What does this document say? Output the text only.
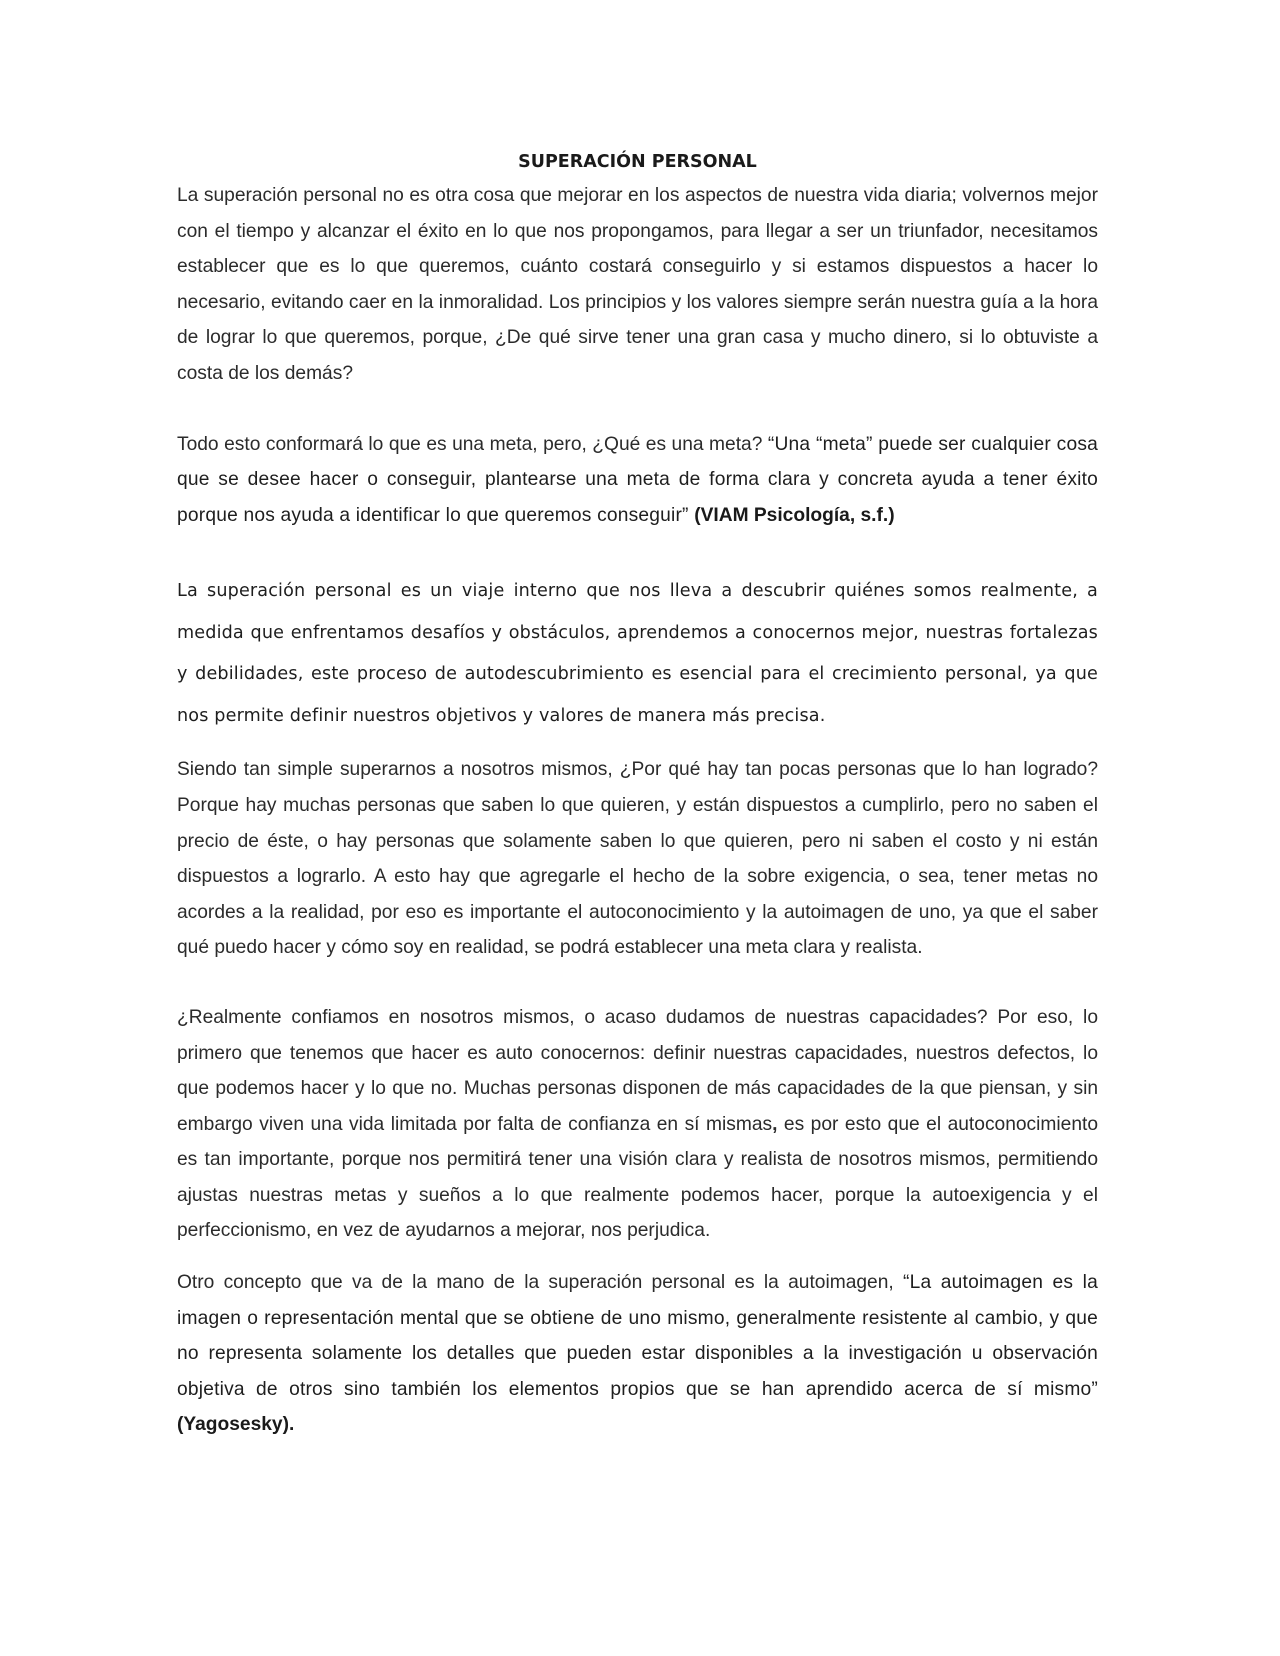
SUPERACIÓN PERSONAL

La superación personal no es otra cosa que mejorar en los aspectos de nuestra vida diaria; volvernos mejor con el tiempo y alcanzar el éxito en lo que nos propongamos, para llegar a ser un triunfador, necesitamos establecer que es lo que queremos, cuánto costará conseguirlo y si estamos dispuestos a hacer lo necesario, evitando caer en la inmoralidad. Los principios y los valores siempre serán nuestra guía a la hora de lograr lo que queremos, porque, ¿De qué sirve tener una gran casa y mucho dinero, si lo obtuviste a costa de los demás?

Todo esto conformará lo que es una meta, pero, ¿Qué es una meta? “Una “meta” puede ser cualquier cosa que se desee hacer o conseguir, plantearse una meta de forma clara y concreta ayuda a tener éxito porque nos ayuda a identificar lo que queremos conseguir” (VIAM Psicología, s.f.)

La superación personal es un viaje interno que nos lleva a descubrir quiénes somos realmente, a medida que enfrentamos desafíos y obstáculos, aprendemos a conocernos mejor, nuestras fortalezas y debilidades, este proceso de autodescubrimiento es esencial para el crecimiento personal, ya que nos permite definir nuestros objetivos y valores de manera más precisa.

Siendo tan simple superarnos a nosotros mismos, ¿Por qué hay tan pocas personas que lo han logrado? Porque hay muchas personas que saben lo que quieren, y están dispuestos a cumplirlo, pero no saben el precio de éste, o hay personas que solamente saben lo que quieren, pero ni saben el costo y ni están dispuestos a lograrlo. A esto hay que agregarle el hecho de la sobre exigencia, o sea, tener metas no acordes a la realidad, por eso es importante el autoconocimiento y la autoimagen de uno, ya que el saber qué puedo hacer y cómo soy en realidad, se podrá establecer una meta clara y realista.

¿Realmente confiamos en nosotros mismos, o acaso dudamos de nuestras capacidades? Por eso, lo primero que tenemos que hacer es auto conocernos: definir nuestras capacidades, nuestros defectos, lo que podemos hacer y lo que no. Muchas personas disponen de más capacidades de la que piensan, y sin embargo viven una vida limitada por falta de confianza en sí mismas, es por esto que el autoconocimiento es tan importante, porque nos permitirá tener una visión clara y realista de nosotros mismos, permitiendo ajustas nuestras metas y sueños a lo que realmente podemos hacer, porque la autoexigencia y el perfeccionismo, en vez de ayudarnos a mejorar, nos perjudica.

Otro concepto que va de la mano de la superación personal es la autoimagen, “La autoimagen es la imagen o representación mental que se obtiene de uno mismo, generalmente resistente al cambio, y que no representa solamente los detalles que pueden estar disponibles a la investigación u observación objetiva de otros sino también los elementos propios que se han aprendido acerca de sí mismo” (Yagosesky).
